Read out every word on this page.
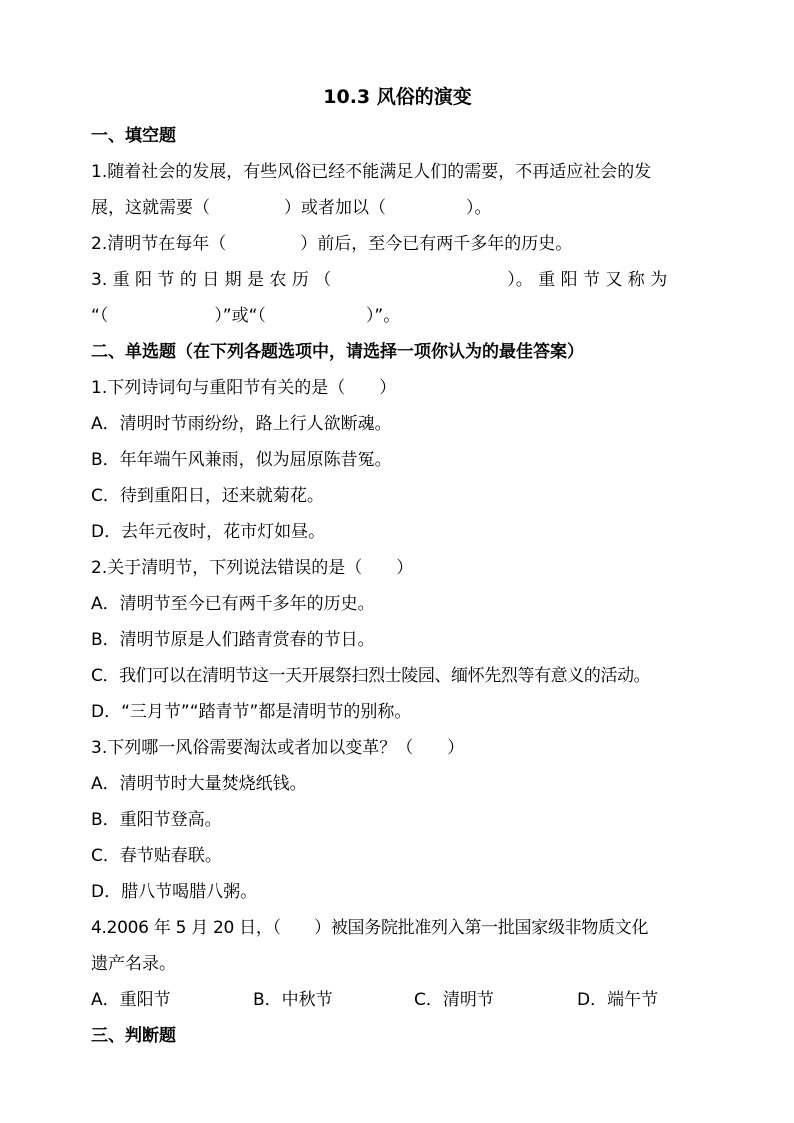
10.3 风俗的演变
一、填空题
1.随着社会的发展，有些风俗已经不能满足人们的需要，不再适应社会的发
展，这就需要（	）或者加以（	）。
2.清明节在每年（	）前后，至今已有两千多年的历史。
3. 重 阳 节 的 日 期 是 农 历 （	）。 重 阳 节 又 称 为
“（	）”或“（	）”。
二、单选题（在下列各题选项中，请选择一项你认为的最佳答案）
1.下列诗词句与重阳节有关的是（　　）
A．清明时节雨纷纷，路上行人欲断魂。
B．年年端午风兼雨，似为屈原陈昔冤。
C．待到重阳日，还来就菊花。
D．去年元夜时，花市灯如昼。
2.关于清明节，下列说法错误的是（　　）
A．清明节至今已有两千多年的历史。
B．清明节原是人们踏青赏春的节日。
C．我们可以在清明节这一天开展祭扫烈士陵园、缅怀先烈等有意义的活动。
D．“三月节”“踏青节”都是清明节的别称。
3.下列哪一风俗需要淘汰或者加以变革？（　　）
A．清明节时大量焚烧纸钱。
B．重阳节登高。
C．春节贴春联。
D．腊八节喝腊八粥。
4.2006 年 5 月 20 日，（　　）被国务院批准列入第一批国家级非物质文化
遗产名录。
A．重阳节	B．中秋节	C．清明节	D．端午节
三、判断题
